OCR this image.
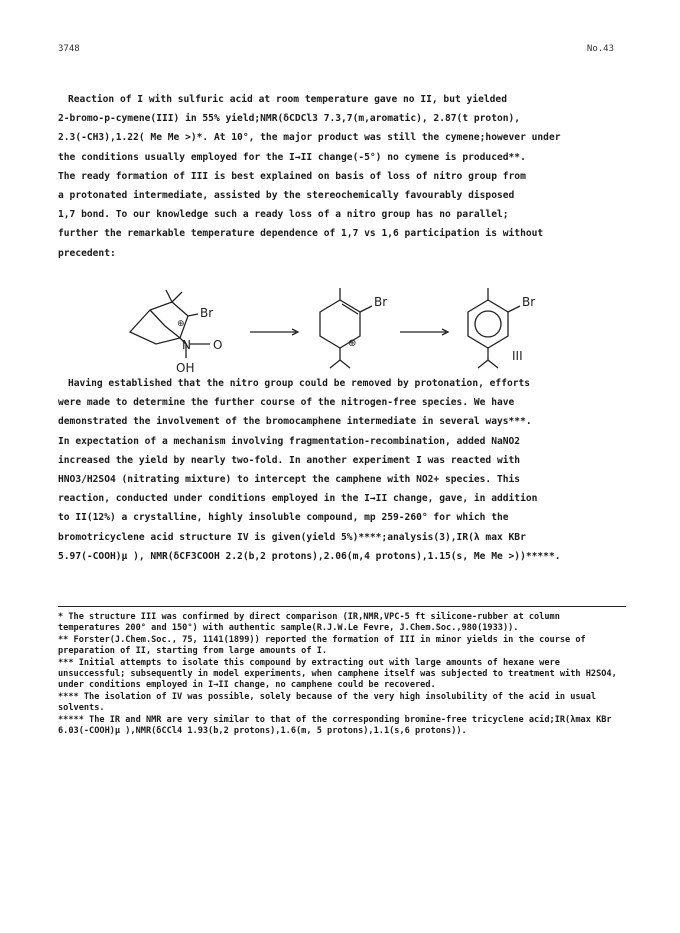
3748	No.43

Reaction of I with sulfuric acid at room temperature gave no II, but yielded

2-bromo-p-cymene(III) in 55% yield;NMR(δCDCl3 7.3,7(m,aromatic), 2.87(t proton),

2.3(-CH3),1.22( Me Me >)*. At 10°, the major product was still the cymene;however under

the conditions usually employed for the I→II change(-5°) no cymene is produced**.

The ready formation of III is best explained on basis of loss of nitro group from

a protonated intermediate, assisted by the stereochemically favourably disposed

1,7 bond. To our knowledge such a ready loss of a nitro group has no parallel;

further the remarkable temperature dependence of 1,7 vs 1,6 participation is without

precedent:

Br
⊕
N O
OH
Br
⊕
Br
III

Having established that the nitro group could be removed by protonation, efforts

were made to determine the further course of the nitrogen-free species. We have

demonstrated the involvement of the bromocamphene intermediate in several ways***.

In expectation of a mechanism involving fragmentation-recombination, added NaNO2

increased the yield by nearly two-fold. In another experiment I was reacted with

HNO3/H2SO4 (nitrating mixture) to intercept the camphene with NO2+ species. This

reaction, conducted under conditions employed in the I→II change, gave, in addition

to II(12%) a crystalline, highly insoluble compound, mp 259-260° for which the

bromotricyclene acid structure IV is given(yield 5%)****;analysis(3),IR(λ max KBr

5.97(-COOH)μ ), NMR(δCF3COOH 2.2(b,2 protons),2.06(m,4 protons),1.15(s, Me Me >))*****.

* The structure III was confirmed by direct comparison (IR,NMR,VPC-5 ft silicone-rubber at column temperatures 200° and 150°) with authentic sample(R.J.W.Le Fevre, J.Chem.Soc.,980(1933)).

** Forster(J.Chem.Soc., 75, 1141(1899)) reported the formation of III in minor yields in the course of preparation of II, starting from large amounts of I.

*** Initial attempts to isolate this compound by extracting out with large amounts of hexane were unsuccessful; subsequently in model experiments, when camphene itself was subjected to treatment with H2SO4, under conditions employed in I→II change, no camphene could be recovered.

**** The isolation of IV was possible, solely because of the very high insolubility of the acid in usual solvents.

***** The IR and NMR are very similar to that of the corresponding bromine-free tricyclene acid;IR(λmax KBr 6.03(-COOH)μ ),NMR(δCCl4 1.93(b,2 protons),1.6(m, 5 protons),1.1(s,6 protons)).
